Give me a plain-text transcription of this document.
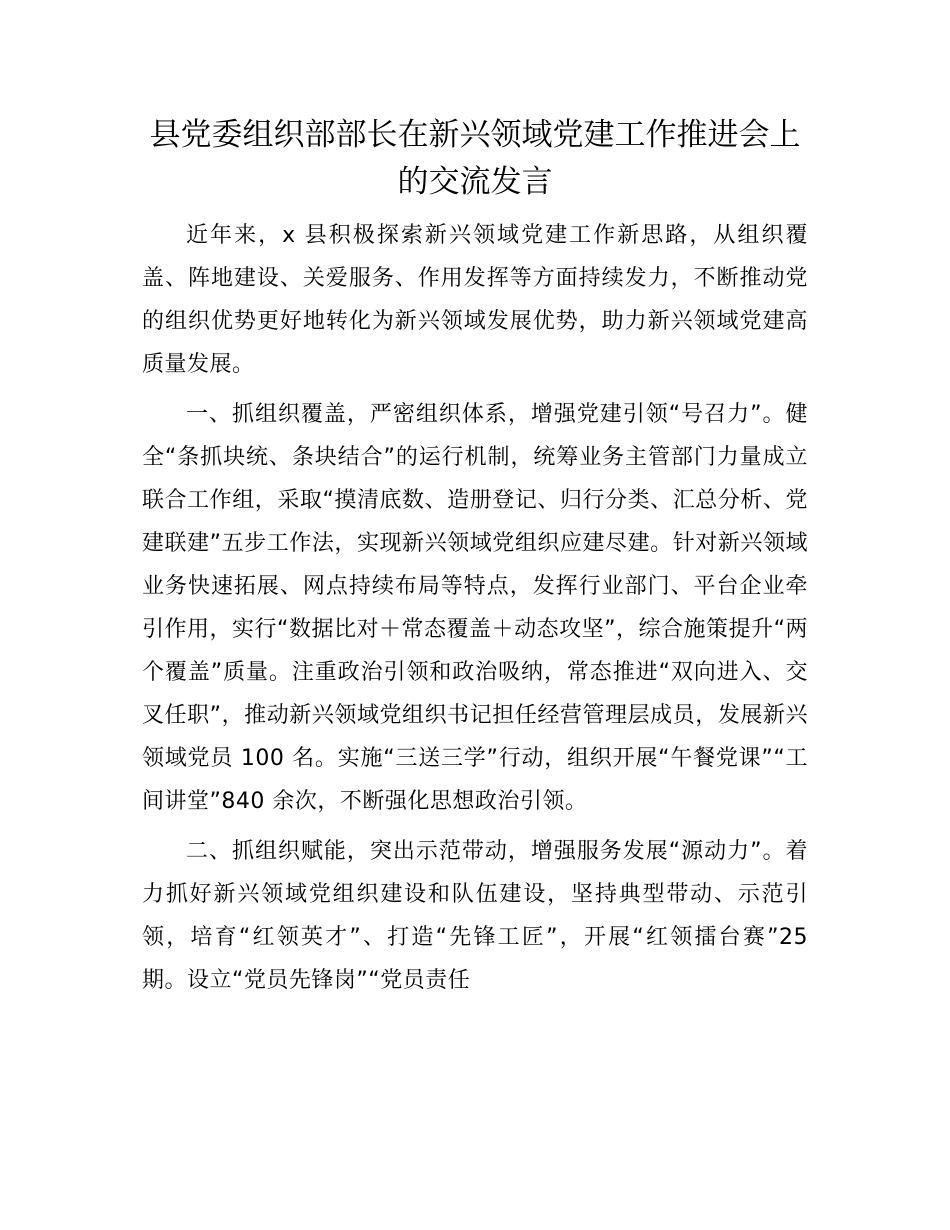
县党委组织部部长在新兴领域党建工作推进会上的交流发言

近年来，x 县积极探索新兴领域党建工作新思路，从组织覆盖、阵地建设、关爱服务、作用发挥等方面持续发力，不断推动党的组织优势更好地转化为新兴领域发展优势，助力新兴领域党建高质量发展。

一、抓组织覆盖，严密组织体系，增强党建引领“号召力”。健全“条抓块统、条块结合”的运行机制，统筹业务主管部门力量成立联合工作组，采取“摸清底数、造册登记、归行分类、汇总分析、党建联建”五步工作法，实现新兴领域党组织应建尽建。针对新兴领域业务快速拓展、网点持续布局等特点，发挥行业部门、平台企业牵引作用，实行“数据比对＋常态覆盖＋动态攻坚”，综合施策提升“两个覆盖”质量。注重政治引领和政治吸纳，常态推进“双向进入、交叉任职”，推动新兴领域党组织书记担任经营管理层成员，发展新兴领域党员 100 名。实施“三送三学”行动，组织开展“午餐党课”“工间讲堂”840 余次，不断强化思想政治引领。

二、抓组织赋能，突出示范带动，增强服务发展“源动力”。着力抓好新兴领域党组织建设和队伍建设，坚持典型带动、示范引领，培育“红领英才”、打造“先锋工匠”，开展“红领擂台赛”25 期。设立“党员先锋岗”“党员责任
